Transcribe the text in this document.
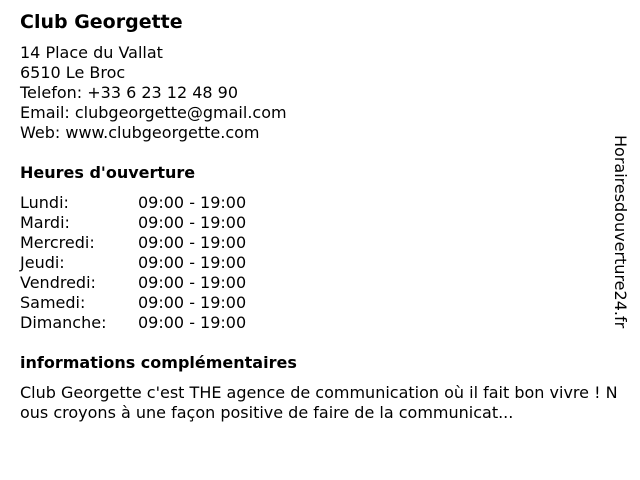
Club Georgette
14 Place du Vallat
6510 Le Broc
Telefon: +33 6 23 12 48 90
Email: clubgeorgette@gmail.com
Web: www.clubgeorgette.com
Heures d'ouverture
Lundi:	09:00 - 19:00
Mardi:	09:00 - 19:00
Mercredi:	09:00 - 19:00
Jeudi:	09:00 - 19:00
Vendredi:	09:00 - 19:00
Samedi:	09:00 - 19:00
Dimanche: 09:00 - 19:00
informations complémentaires

Club Georgette c'est THE agence de communication où il fait bon vivre ! Nous croyons à une façon positive de faire de la communicat...

Horairesdouverture24.fr
